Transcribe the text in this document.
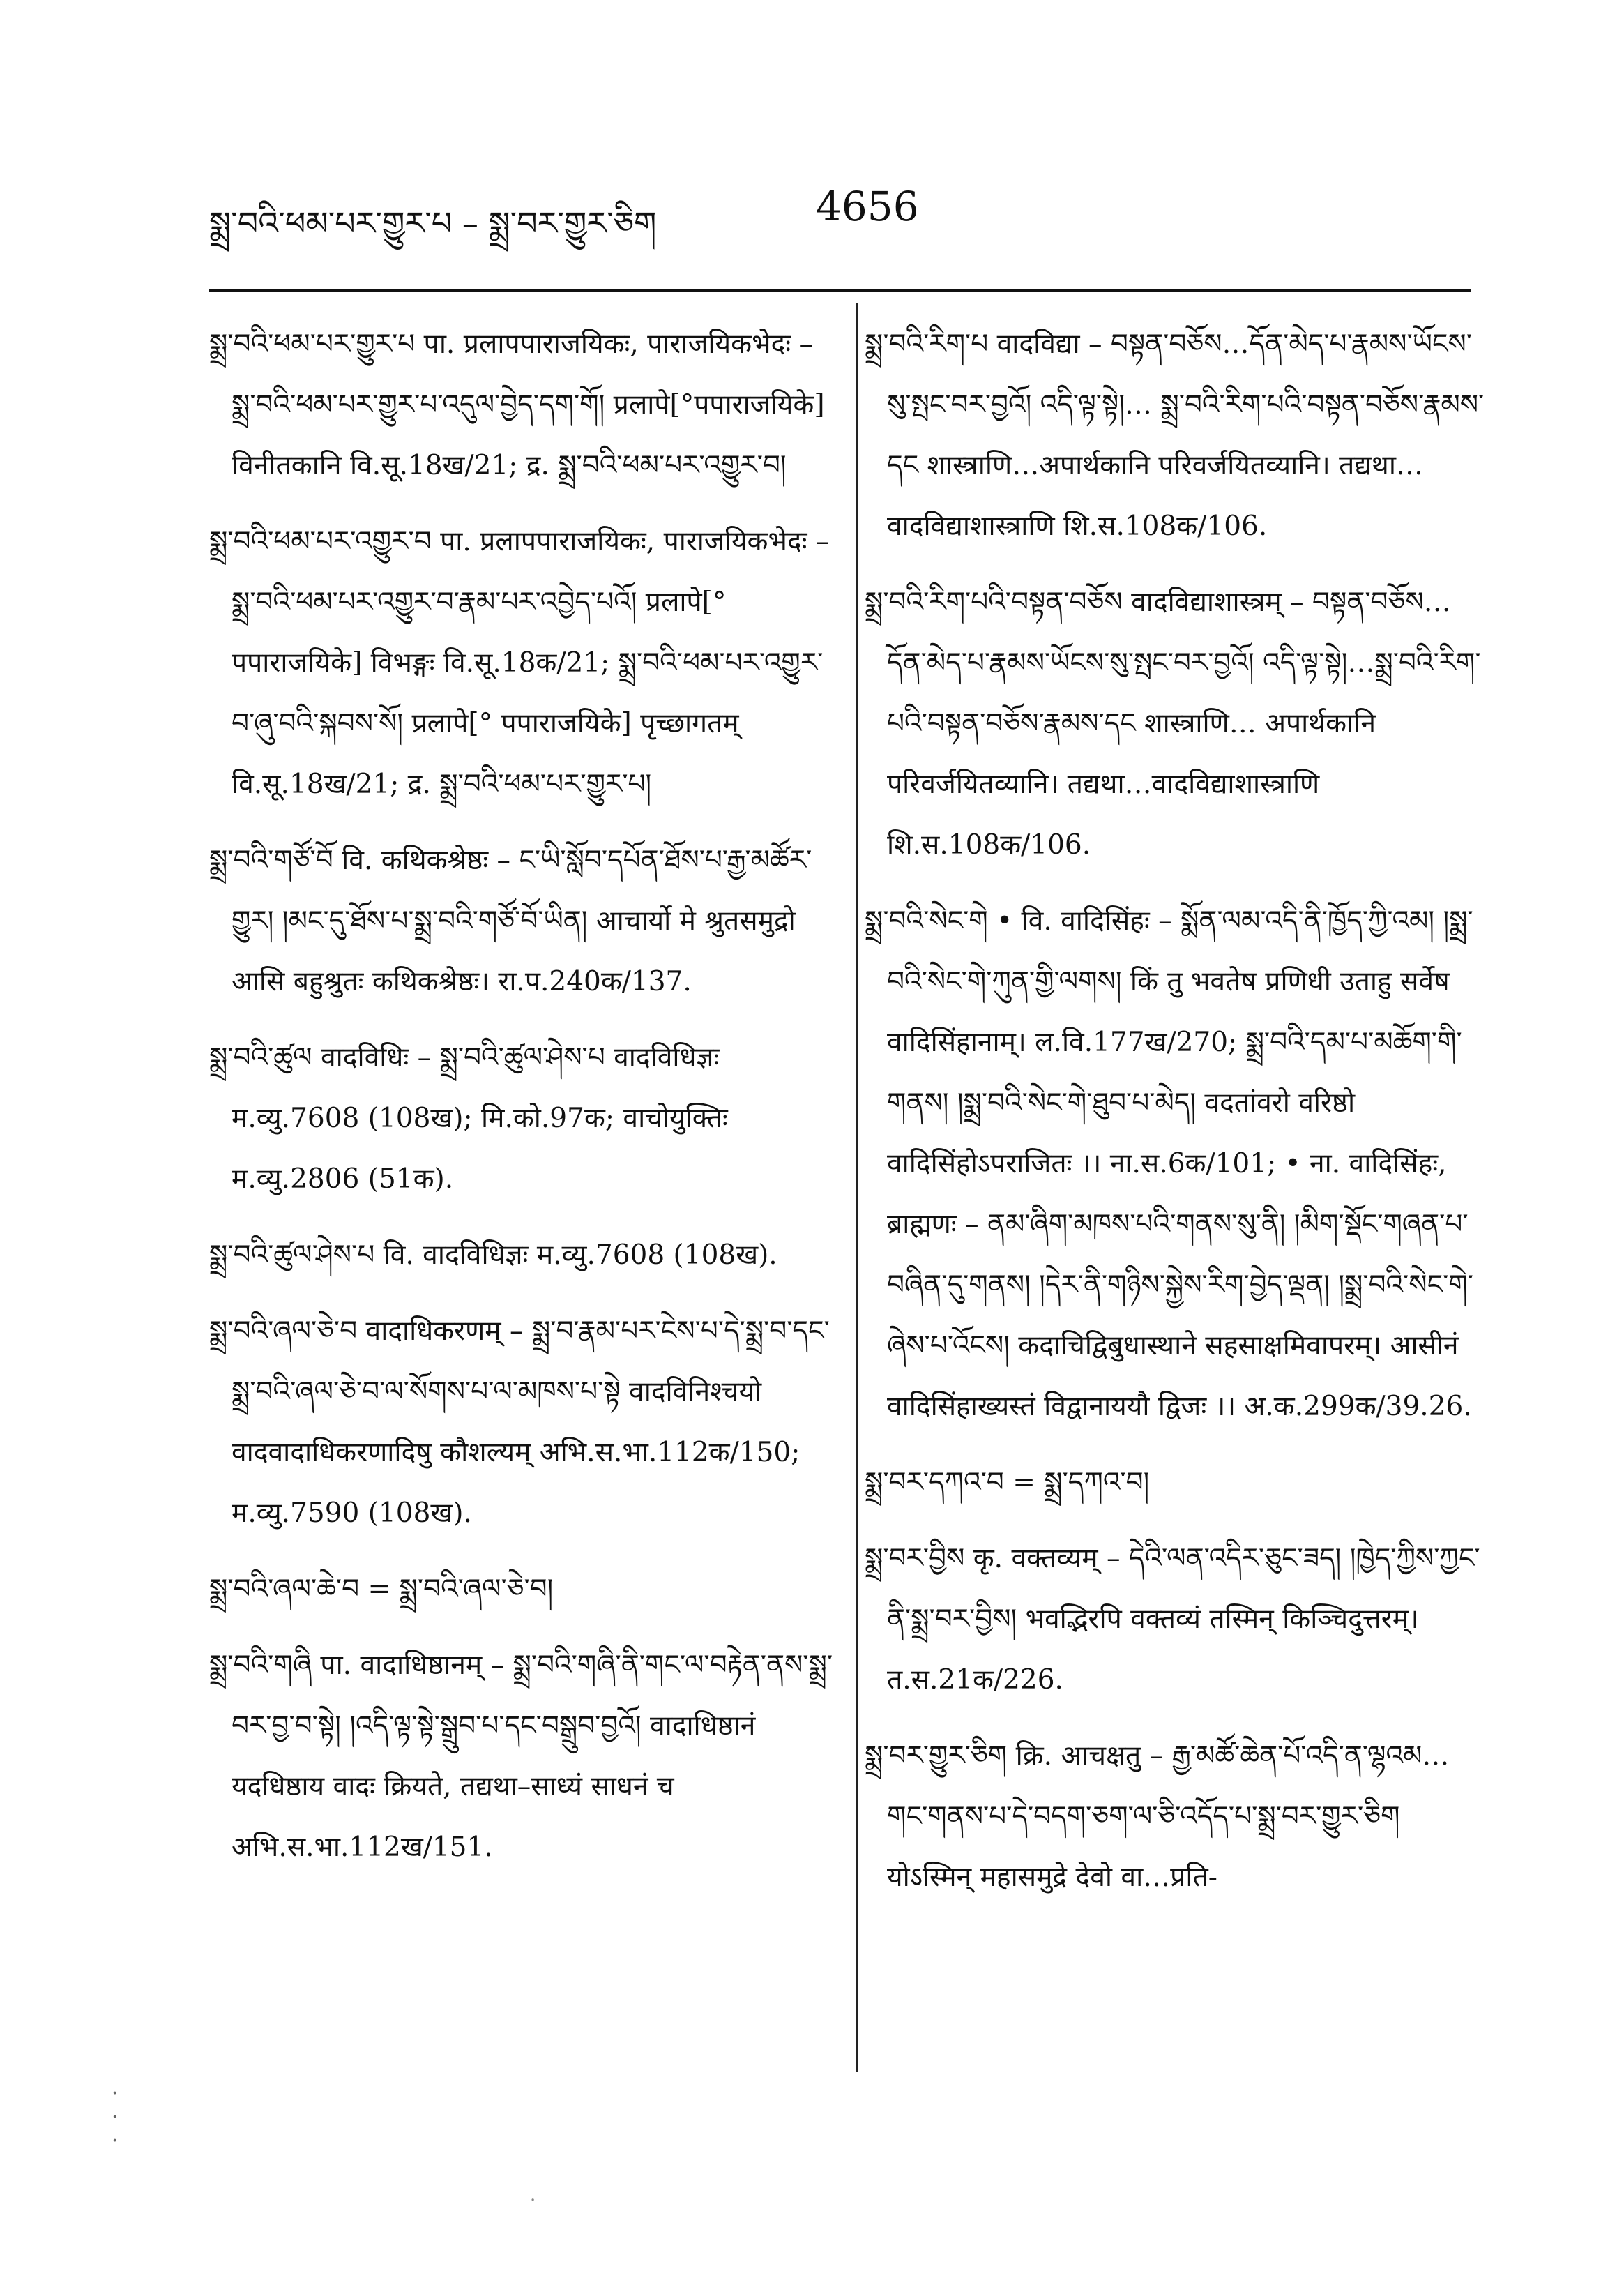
སྨྲ་བའི་ཕམ་པར་གྱུར་པ – སྨྲ་བར་གྱུར་ཅིག	4656

སྨྲ་བའི་ཕམ་པར་གྱུར་པ पा. प्रलापपाराजयिकः, पाराजयिकभेदः – སྨྲ་བའི་ཕམ་པར་གྱུར་པ་འདུལ་བྱེད་དག་གོ། प्रलापे[°पपाराजयिके] विनीतकानि वि.सू.18ख/21; द्र. སྨྲ་བའི་ཕམ་པར་འགྱུར་བ།

སྨྲ་བའི་ཕམ་པར་འགྱུར་བ पा. प्रलापपाराजयिकः, पाराजयिकभेदः – སྨྲ་བའི་ཕམ་པར་འགྱུར་བ་རྣམ་པར་འབྱེད་པའོ། प्रलापे[° पपाराजयिके] विभङ्गः वि.सू.18क/21; སྨྲ་བའི་ཕམ་པར་འགྱུར་བ་ཞུ་བའི་སྐབས་སོ། प्रलापे[° पपाराजयिके] पृच्छागतम् वि.सू.18ख/21; द्र. སྨྲ་བའི་ཕམ་པར་གྱུར་པ།

སྨྲ་བའི་གཙོ་བོ वि. कथिकश्रेष्ठः – ང་ཡི་སློབ་དཔོན་ཐོས་པ་རྒྱ་མཚོར་གྱུར། །མང་དུ་ཐོས་པ་སྨྲ་བའི་གཙོ་བོ་ཡིན། आचार्यो मे श्रुतसमुद्रो आसि बहुश्रुतः कथिकश्रेष्ठः। रा.प.240क/137.

སྨྲ་བའི་ཚུལ वादविधिः – སྨྲ་བའི་ཚུལ་ཤེས་པ वादविधिज्ञः म.व्यु.7608 (108ख); मि.को.97क; वाचोयुक्तिः म.व्यु.2806 (51क).

སྨྲ་བའི་ཚུལ་ཤེས་པ वि. वादविधिज्ञः म.व्यु.7608 (108ख).

སྨྲ་བའི་ཞལ་ཅེ་བ वादाधिकरणम् – སྨྲ་བ་རྣམ་པར་ངེས་པ་དེ་སྨྲ་བ་དང་སྨྲ་བའི་ཞལ་ཅེ་བ་ལ་སོགས་པ་ལ་མཁས་པ་སྟེ वादविनिश्चयो वादवादाधिकरणादिषु कौशल्यम् अभि.स.भा.112क/150; म.व्यु.7590 (108ख).

སྨྲ་བའི་ཞལ་ཆེ་བ = སྨྲ་བའི་ཞལ་ཅེ་བ།

སྨྲ་བའི་གཞི पा. वादाधिष्ठानम् – སྨྲ་བའི་གཞི་ནི་གང་ལ་བརྟེན་ནས་སྨྲ་བར་བྱ་བ་སྟེ། །འདི་ལྟ་སྟེ་སྒྲུབ་པ་དང་བསྒྲུབ་བྱའོ། वादाधिष्ठानं यदधिष्ठाय वादः क्रियते, तद्यथा–साध्यं साधनं च अभि.स.भा.112ख/151.

སྨྲ་བའི་རིག་པ वादविद्या – བསྟན་བཅོས…དོན་མེད་པ་རྣམས་ཡོངས་སུ་སྤང་བར་བྱའོ། འདི་ལྟ་སྟེ།… སྨྲ་བའི་རིག་པའི་བསྟན་བཅོས་རྣམས་དང शास्त्राणि…अपार्थकानि परिवर्जयितव्यानि। तद्यथा…वादविद्याशास्त्राणि शि.स.108क/106.

སྨྲ་བའི་རིག་པའི་བསྟན་བཅོས वादविद्याशास्त्रम् – བསྟན་བཅོས… དོན་མེད་པ་རྣམས་ཡོངས་སུ་སྤང་བར་བྱའོ། འདི་ལྟ་སྟེ།…སྨྲ་བའི་རིག་པའི་བསྟན་བཅོས་རྣམས་དང शास्त्राणि… अपार्थकानि परिवर्जयितव्यानि। तद्यथा…वादविद्याशास्त्राणि शि.स.108क/106.

སྨྲ་བའི་སེང་གེ • वि. वादिसिंहः – སྨོན་ལམ་འདི་ནི་ཁྱོད་ཀྱི་འམ། །སྨྲ་བའི་སེང་གེ་ཀུན་གྱི་ལགས། किं तु भवतेष प्रणिधी उताहु सर्वेष वादिसिंहानाम्। ल.वि.177ख/270; སྨྲ་བའི་དམ་པ་མཆོག་གི་གནས། །སྨྲ་བའི་སེང་གེ་ཐུབ་པ་མེད། वदतांवरो वरिष्ठो वादिसिंहोऽपराजितः ।। ना.स.6क/101; • ना. वादिसिंहः, ब्राह्मणः – ནམ་ཞིག་མཁས་པའི་གནས་སུ་ནི། །མིག་སྡོང་གཞན་པ་བཞིན་དུ་གནས། །དེར་ནི་གཉིས་སྐྱེས་རིག་བྱེད་ལྡན། །སྨྲ་བའི་སེང་གེ་ཞེས་པ་འོངས། कदाचिद्विबुधास्थाने सहसाक्षमिवापरम्। आसीनं वादिसिंहाख्यस्तं विद्वानाययौ द्विजः ।। अ.क.299क/39.26.

སྨྲ་བར་དཀའ་བ = སྨྲ་དཀའ་བ།

སྨྲ་བར་བྱིས कृ. वक्तव्यम् – དེའི་ལན་འདིར་ཅུང་ཟད། །ཁྱེད་ཀྱིས་ཀྱང་ནི་སྨྲ་བར་བྱིས། भवद्भिरपि वक्तव्यं तस्मिन् किञ्चिदुत्तरम्। त.स.21क/226.

སྨྲ་བར་གྱུར་ཅིག क्रि. आचक्षतु – རྒྱ་མཚོ་ཆེན་པོ་འདི་ན་ལྷའམ…གང་གནས་པ་དེ་བདག་ཅག་ལ་ཅི་འདོད་པ་སྨྲ་བར་གྱུར་ཅིག योऽस्मिन् महासमुद्रे देवो वा…प्रति-

·
·
·
·
